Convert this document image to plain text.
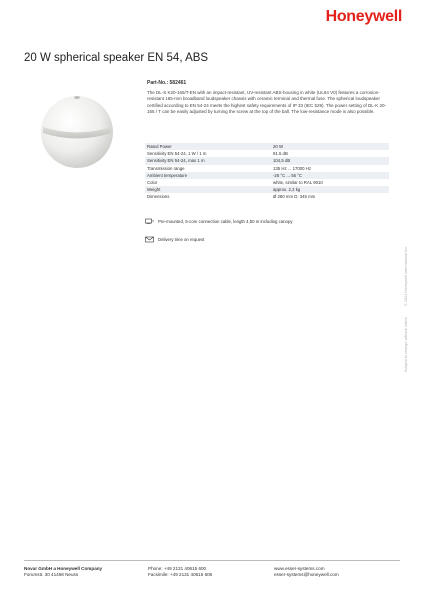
Honeywell
20 W spherical speaker EN 54, ABS
Part-No.: 582461
The DL-S K20-165/T-EN with an impact-resistant, UV-resistant ABS-housing in white (UL94 V0) features a corrosion-resistant 165-mm broadband loudspeaker chassis with ceramic terminal and thermal fuse. The spherical loudspeaker certified according to EN 54-24 meets the highest safety requirements of IP 33 (IEC 529). The power setting of DL-K 20-165 / T can be easily adjusted by turning the screw at the top of the ball. The low-resistance mode is also possible.
Rated Power	20 W
Sensitivity EN 54-24, 1 W / 1 m	91.5 dB
Sensitivity EN 54-24, max 1 m	104,5 dB
Transmission range	135 Hz ... 17000 Hz
Ambient temperature	-25 °C ... 55 °C
Color	white, similar to RAL 9010
Weight	approx. 2,2 kg
Dimensions	Ø 280 mm D: 345 mm
Pre-mounted, 5-core connection cable, length 4,50 m including canopy
Delivery time on request
Subject to change without notice © 2021 Honeywell International Inc.
Novar GmbH a Honeywell Company
Forumstr. 30 41468 Neuss
Phone: +49 2131 40615 600
Facsimile: +49 2131 40615 606
www.esser-systems.com
esser-systems@honeywell.com
